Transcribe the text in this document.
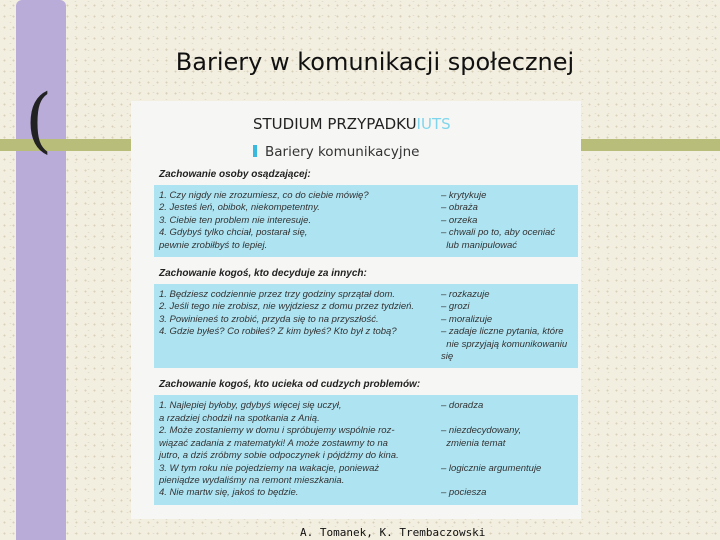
(
Bariery w komunikacji społecznej
STUDIUM PRZYPADKUIUTS
Bariery komunikacyjne
Zachowanie osoby osądzającej:
1. Czy nigdy nie zrozumiesz, co do ciebie mówię?	– krytykuje
2. Jesteś leń, obibok, niekompetentny.	– obraża
3. Ciebie ten problem nie interesuje.	– orzeka
4. Gdybyś tylko chciał, postarał się,	– chwali po to, aby oceniać
pewnie zrobiłbyś to lepiej.	lub manipulować
Zachowanie kogoś, kto decyduje za innych:
1. Będziesz codziennie przez trzy godziny sprzątał dom.	– rozkazuje
2. Jeśli tego nie zrobisz, nie wyjdziesz z domu przez tydzień.	– grozi
3. Powinieneś to zrobić, przyda się to na przyszłość.	– moralizuje
4. Gdzie byłeś? Co robiłeś? Z kim byłeś? Kto był z tobą?	– zadaje liczne pytania, które
nie sprzyjają komunikowaniu się
Zachowanie kogoś, kto ucieka od cudzych problemów:
1. Najlepiej byłoby, gdybyś więcej się uczył,	– doradza
a rzadziej chodził na spotkania z Anią.
2. Może zostaniemy w domu i spróbujemy wspólnie roz-	– niezdecydowany,
wiązać zadania z matematyki! A może zostawmy to na	zmienia temat
jutro, a dziś zróbmy sobie odpoczynek i pójdźmy do kina.
3. W tym roku nie pojedziemy na wakacje, ponieważ	– logicznie argumentuje
pieniądze wydaliśmy na remont mieszkania.
4. Nie martw się, jakoś to będzie.	– pociesza
A. Tomanek, K. Trembaczowski
